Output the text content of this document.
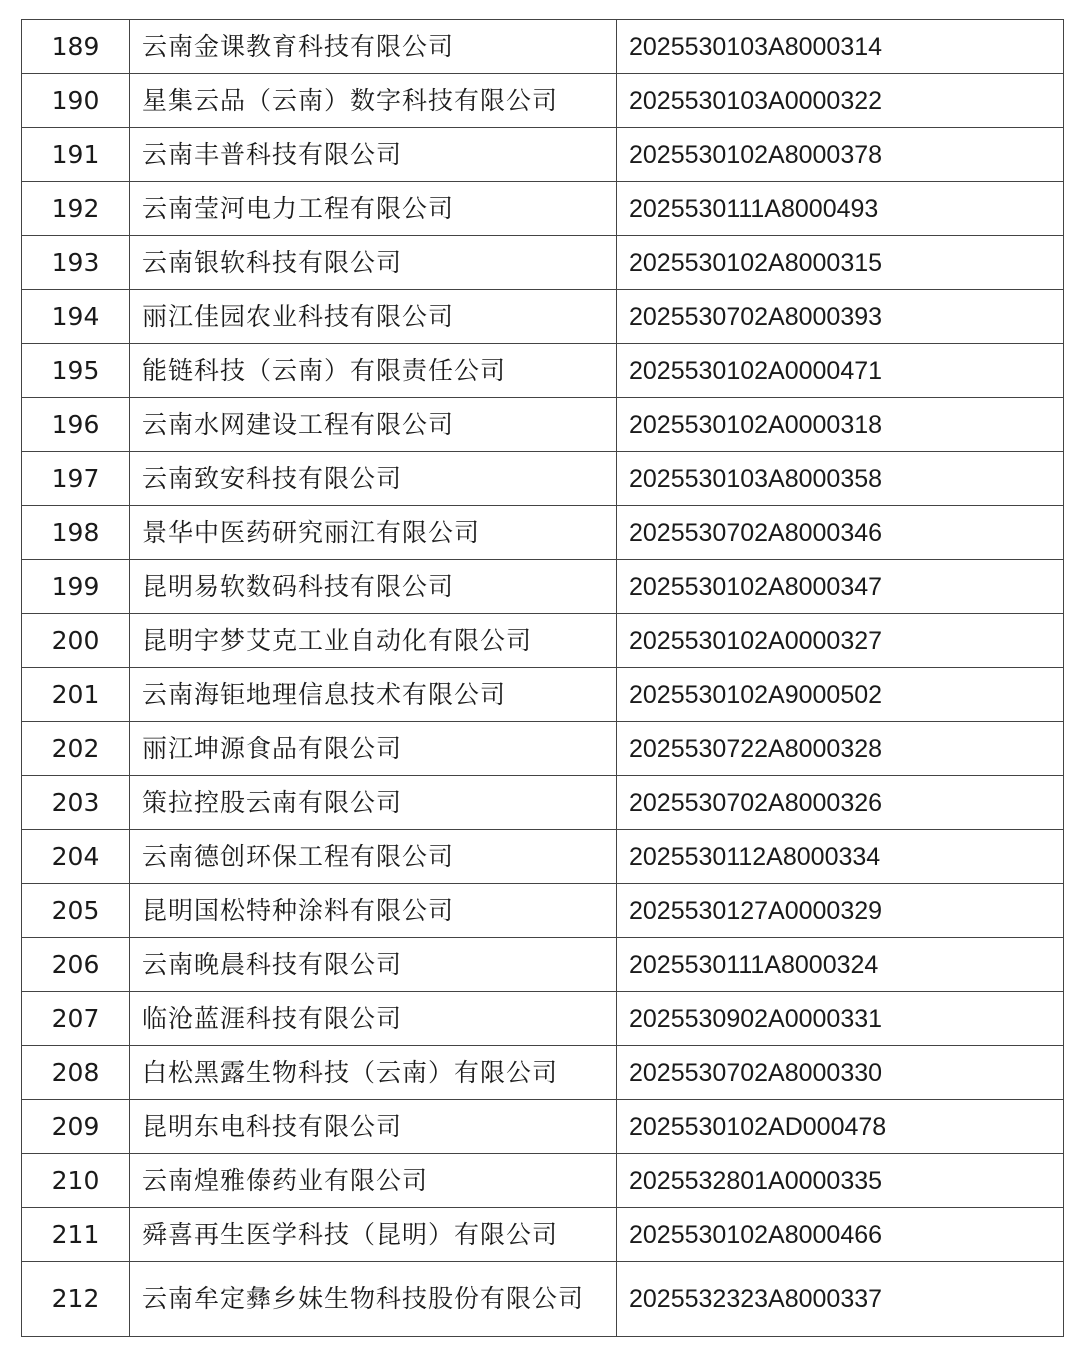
189	云南金课教育科技有限公司	2025530103A8000314
190	星集云品（云南）数字科技有限公司	2025530103A0000322
191	云南丰普科技有限公司	2025530102A8000378
192	云南莹河电力工程有限公司	2025530111A8000493
193	云南银软科技有限公司	2025530102A8000315
194	丽江佳园农业科技有限公司	2025530702A8000393
195	能链科技（云南）有限责任公司	2025530102A0000471
196	云南水网建设工程有限公司	2025530102A0000318
197	云南致安科技有限公司	2025530103A8000358
198	景华中医药研究丽江有限公司	2025530702A8000346
199	昆明易软数码科技有限公司	2025530102A8000347
200	昆明宇梦艾克工业自动化有限公司	2025530102A0000327
201	云南海钜地理信息技术有限公司	2025530102A9000502
202	丽江坤源食品有限公司	2025530722A8000328
203	策拉控股云南有限公司	2025530702A8000326
204	云南德创环保工程有限公司	2025530112A8000334
205	昆明国松特种涂料有限公司	2025530127A0000329
206	云南晚晨科技有限公司	2025530111A8000324
207	临沧蓝涯科技有限公司	2025530902A0000331
208	白松黑露生物科技（云南）有限公司	2025530702A8000330
209	昆明东电科技有限公司	2025530102AD000478
210	云南煌雅傣药业有限公司	2025532801A0000335
211	舜喜再生医学科技（昆明）有限公司	2025530102A8000466
212	云南牟定彝乡妹生物科技股份有限公司	2025532323A8000337
